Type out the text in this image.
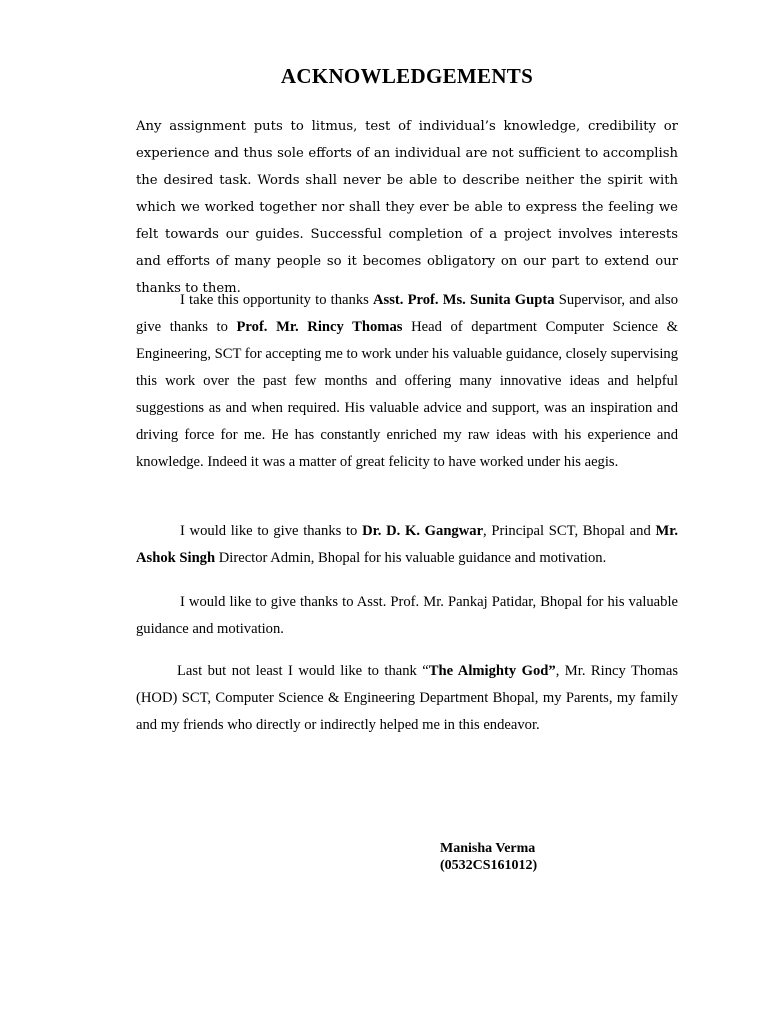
ACKNOWLEDGEMENTS

Any assignment puts to litmus, test of individual’s knowledge, credibility or experience and thus sole efforts of an individual are not sufficient to accomplish the desired task. Words shall never be able to describe neither the spirit with which we worked together nor shall they ever be able to express the feeling we felt towards our guides. Successful completion of a project involves interests and efforts of many people so it becomes obligatory on our part to extend our thanks to them.

I take this opportunity to thanks Asst. Prof. Ms. Sunita Gupta Supervisor, and also give thanks to Prof. Mr. Rincy Thomas Head of department Computer Science & Engineering, SCT for accepting me to work under his valuable guidance, closely supervising this work over the past few months and offering many innovative ideas and helpful suggestions as and when required. His valuable advice and support, was an inspiration and driving force for me. He has constantly enriched my raw ideas with his experience and knowledge. Indeed it was a matter of great felicity to have worked under his aegis.

I would like to give thanks to Dr. D. K. Gangwar, Principal SCT, Bhopal and Mr. Ashok Singh Director Admin, Bhopal for his valuable guidance and motivation.

I would like to give thanks to Asst. Prof. Mr. Pankaj Patidar, Bhopal for his valuable guidance and motivation.

Last but not least I would like to thank “The Almighty God”, Mr. Rincy Thomas (HOD) SCT, Computer Science & Engineering Department Bhopal, my Parents, my family and my friends who directly or indirectly helped me in this endeavor.

Manisha Verma
(0532CS161012)
